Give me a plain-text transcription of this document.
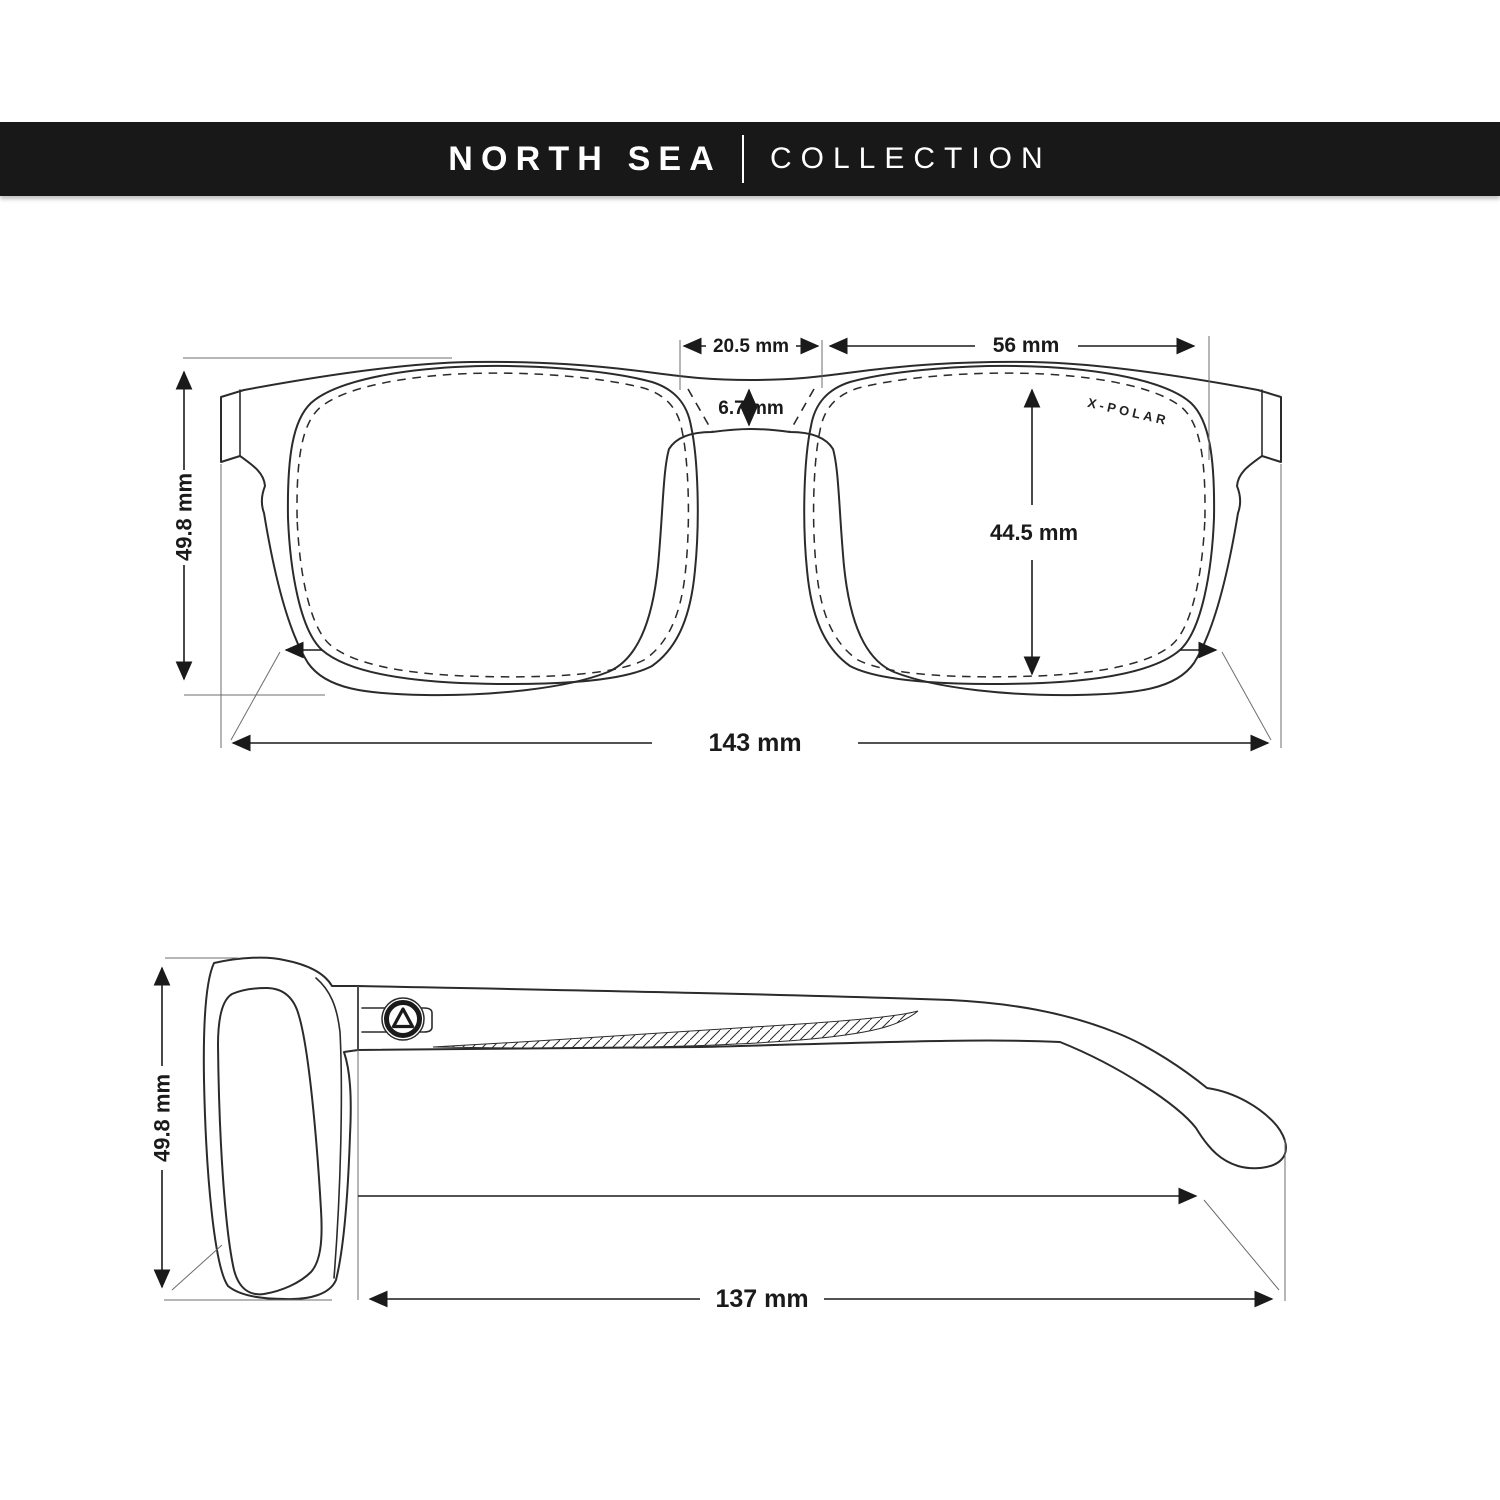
NORTH SEA COLLECTION
49.8 mm
20.5 mm	56 mm
6.7 mm
44.5 mm
X-POLAR
143 mm
49.8 mm
137 mm
